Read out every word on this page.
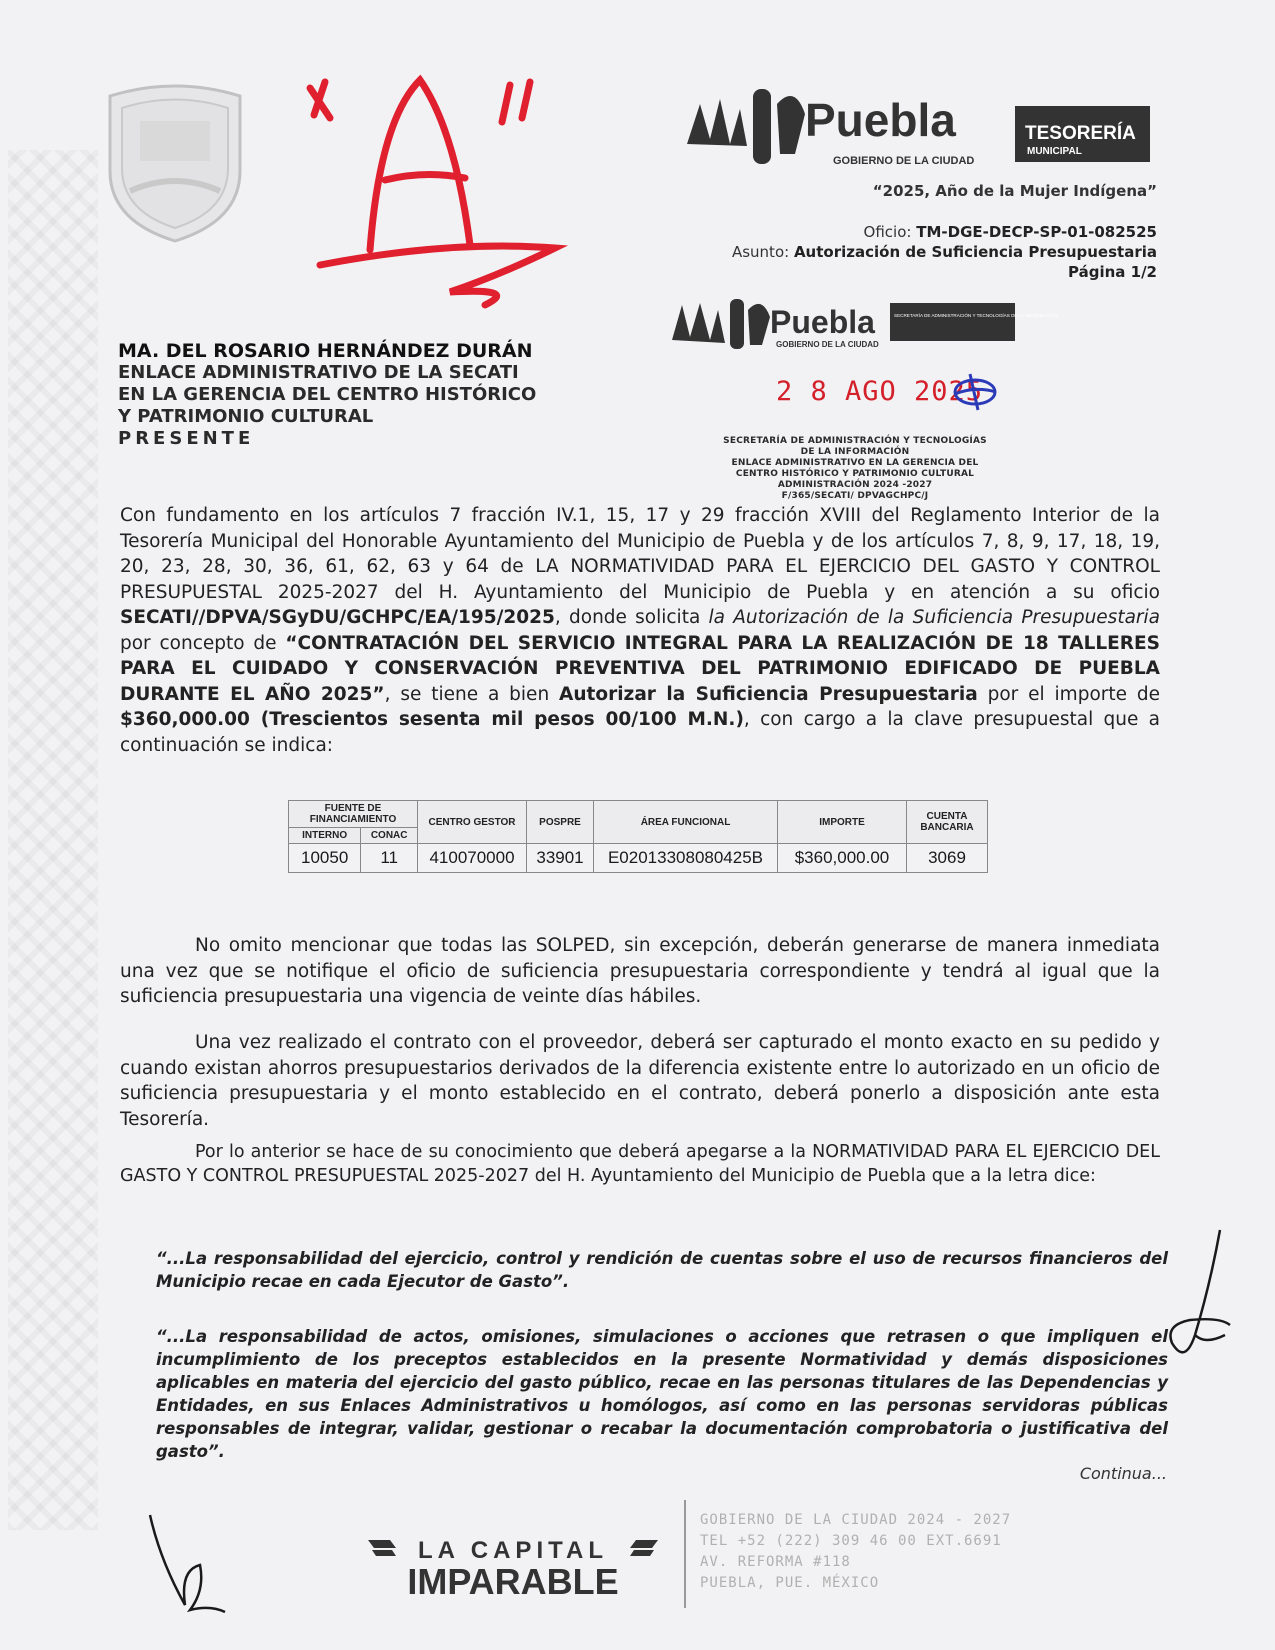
Puebla
GOBIERNO DE LA CIUDAD
TESORERÍA
MUNICIPAL
“2025, Año de la Mujer Indígena”
Oficio: TM-DGE-DECP-SP-01-082525
Asunto: Autorización de Suficiencia Presupuestaria
Página 1/2
Puebla
GOBIERNO DE LA CIUDAD
SECRETARÍA DE ADMINISTRACIÓN Y TECNOLOGÍAS DE LA INFORMACIÓN
2 8 AGO 2025
SECRETARÍA DE ADMINISTRACIÓN Y TECNOLOGÍAS
DE LA INFORMACIÓN
ENLACE ADMINISTRATIVO EN LA GERENCIA DEL
CENTRO HISTÓRICO Y PATRIMONIO CULTURAL
ADMINISTRACIÓN 2024 -2027
F/365/SECATI/ DPVAGCHPC/J
MA. DEL ROSARIO HERNÁNDEZ DURÁN
ENLACE ADMINISTRATIVO DE LA SECATI
EN LA GERENCIA DEL CENTRO HISTÓRICO
Y PATRIMONIO CULTURAL
PRESENTE
Con fundamento en los artículos 7 fracción IV.1, 15, 17 y 29 fracción XVIII del Reglamento Interior de la Tesorería Municipal del Honorable Ayuntamiento del Municipio de Puebla y de los artículos 7, 8, 9, 17, 18, 19, 20, 23, 28, 30, 36, 61, 62, 63 y 64 de LA NORMATIVIDAD PARA EL EJERCICIO DEL GASTO Y CONTROL PRESUPUESTAL 2025-2027 del H. Ayuntamiento del Municipio de Puebla y en atención a su oficio SECATI//DPVA/SGyDU/GCHPC/EA/195/2025, donde solicita la Autorización de la Suficiencia Presupuestaria por concepto de “CONTRATACIÓN DEL SERVICIO INTEGRAL PARA LA REALIZACIÓN DE 18 TALLERES PARA EL CUIDADO Y CONSERVACIÓN PREVENTIVA DEL PATRIMONIO EDIFICADO DE PUEBLA DURANTE EL AÑO 2025”, se tiene a bien Autorizar la Suficiencia Presupuestaria por el importe de $360,000.00 (Trescientos sesenta mil pesos 00/100 M.N.), con cargo a la clave presupuestal que a continuación se indica:
FUENTE DE FINANCIAMIENTO		CENTRO GESTOR	POSPRE	ÁREA FUNCIONAL	IMPORTE	CUENTA BANCARIA
INTERNO	CONAC					
10050	11	410070000	33901	E02013308080425B	$360,000.00	3069
No omito mencionar que todas las SOLPED, sin excepción, deberán generarse de manera inmediata una vez que se notifique el oficio de suficiencia presupuestaria correspondiente y tendrá al igual que la suficiencia presupuestaria una vigencia de veinte días hábiles.
Una vez realizado el contrato con el proveedor, deberá ser capturado el monto exacto en su pedido y cuando existan ahorros presupuestarios derivados de la diferencia existente entre lo autorizado en un oficio de suficiencia presupuestaria y el monto establecido en el contrato, deberá ponerlo a disposición ante esta Tesorería.
Por lo anterior se hace de su conocimiento que deberá apegarse a la NORMATIVIDAD PARA EL EJERCICIO DEL GASTO Y CONTROL PRESUPUESTAL 2025-2027 del H. Ayuntamiento del Municipio de Puebla que a la letra dice:
“...La responsabilidad del ejercicio, control y rendición de cuentas sobre el uso de recursos financieros del Municipio recae en cada Ejecutor de Gasto”.
“...La responsabilidad de actos, omisiones, simulaciones o acciones que retrasen o que impliquen el incumplimiento de los preceptos establecidos en la presente Normatividad y demás disposiciones aplicables en materia del ejercicio del gasto público, recae en las personas titulares de las Dependencias y Entidades, en sus Enlaces Administrativos u homólogos, así como en las personas servidoras públicas responsables de integrar, validar, gestionar o recabar la documentación comprobatoria o justificativa del gasto”.
Continua...
LA CAPITAL
IMPARABLE
GOBIERNO DE LA CIUDAD 2024 - 2027
TEL +52 (222) 309 46 00 EXT.6691
AV. REFORMA #118
PUEBLA, PUE. MÉXICO
